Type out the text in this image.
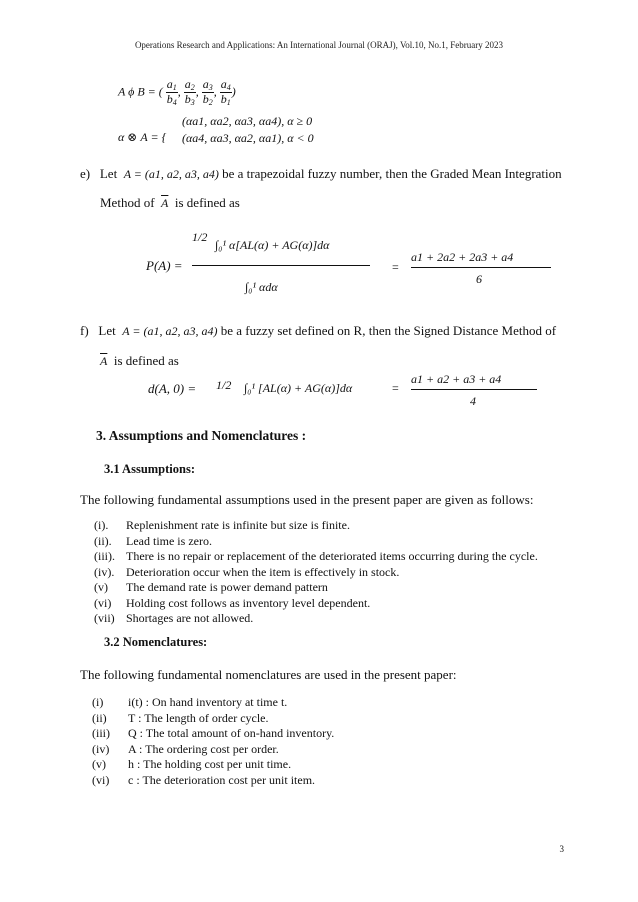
Operations Research and Applications: An International Journal (ORAJ), Vol.10, No.1, February 2023
A ϕ B = ( $\frac{a_1}{b_4}$ , $\frac{a_2}{b_3}$ , $\frac{a_3}{b_2}$ , $\frac{a_4}{b_1}$ )
α ⊗ A = {
(αa1, αa2, αa3, αa4), α ≥ 0
(αa4, αa3, αa2, αa1), α < 0
e) Let A = (a1, a2, a3, a4) be a trapezoidal fuzzy number, then the Graded Mean Integration
Method of $\overline{A}$ is defined as
P(A) =
1/2
∫₀¹ α[AL(α) + AG(α)]dα
∫₀¹ αdα
=
a1 + 2a2 + 2a3 + a4
6
f) Let A = (a1, a2, a3, a4) be a fuzzy set defined on R, then the Signed Distance Method of
$\overline{A}$ is defined as
d(A, 0) = 1/2 ∫₀¹ [AL(α) + AG(α)]dα	=
a1 + a2 + a3 + a4
4
3. Assumptions and Nomenclatures :
3.1 Assumptions:
The following fundamental assumptions used in the present paper are given as follows:
(i). Replenishment rate is infinite but size is finite.
(ii). Lead time is zero.
(iii). There is no repair or replacement of the deteriorated items occurring during the cycle.
(iv). Deterioration occur when the item is effectively in stock.
(v) The demand rate is power demand pattern
(vi) Holding cost follows as inventory level dependent.
(vii) Shortages are not allowed.
3.2 Nomenclatures:
The following fundamental nomenclatures are used in the present paper:
(i) i(t) : On hand inventory at time t.
(ii) T : The length of order cycle.
(iii) Q : The total amount of on-hand inventory.
(iv) A : The ordering cost per order.
(v) h : The holding cost per unit time.
(vi) c : The deterioration cost per unit item.
3
